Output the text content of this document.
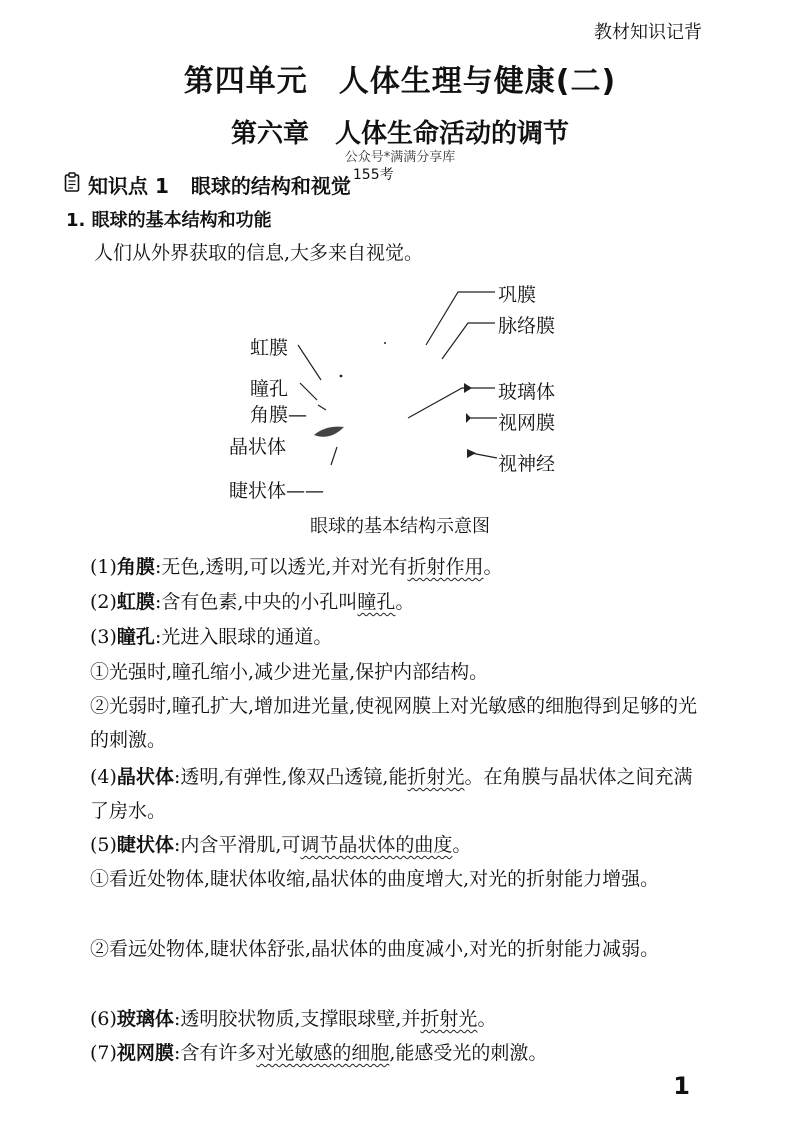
教材知识记背
第四单元　人体生理与健康(二)
第六章　人体生命活动的调节
公众号*满满分享库
知识点 1 眼球的结构和视觉 155考
1. 眼球的基本结构和功能
人们从外界获取的信息,大多来自视觉。
虹膜
瞳孔
角膜—
晶状体
睫状体——
巩膜
脉络膜
玻璃体
视网膜
视神经
眼球的基本结构示意图
(1)角膜:无色,透明,可以透光,并对光有折射作用。
(2)虹膜:含有色素,中央的小孔叫瞳孔。
(3)瞳孔:光进入眼球的通道。
①光强时,瞳孔缩小,减少进光量,保护内部结构。
②光弱时,瞳孔扩大,增加进光量,使视网膜上对光敏感的细胞得到足够的光的刺激。
(4)晶状体:透明,有弹性,像双凸透镜,能折射光。在角膜与晶状体之间充满了房水。
(5)睫状体:内含平滑肌,可调节晶状体的曲度。
①看近处物体,睫状体收缩,晶状体的曲度增大,对光的折射能力增强。
②看远处物体,睫状体舒张,晶状体的曲度减小,对光的折射能力减弱。
(6)玻璃体:透明胶状物质,支撑眼球壁,并折射光。
(7)视网膜:含有许多对光敏感的细胞,能感受光的刺激。
1
